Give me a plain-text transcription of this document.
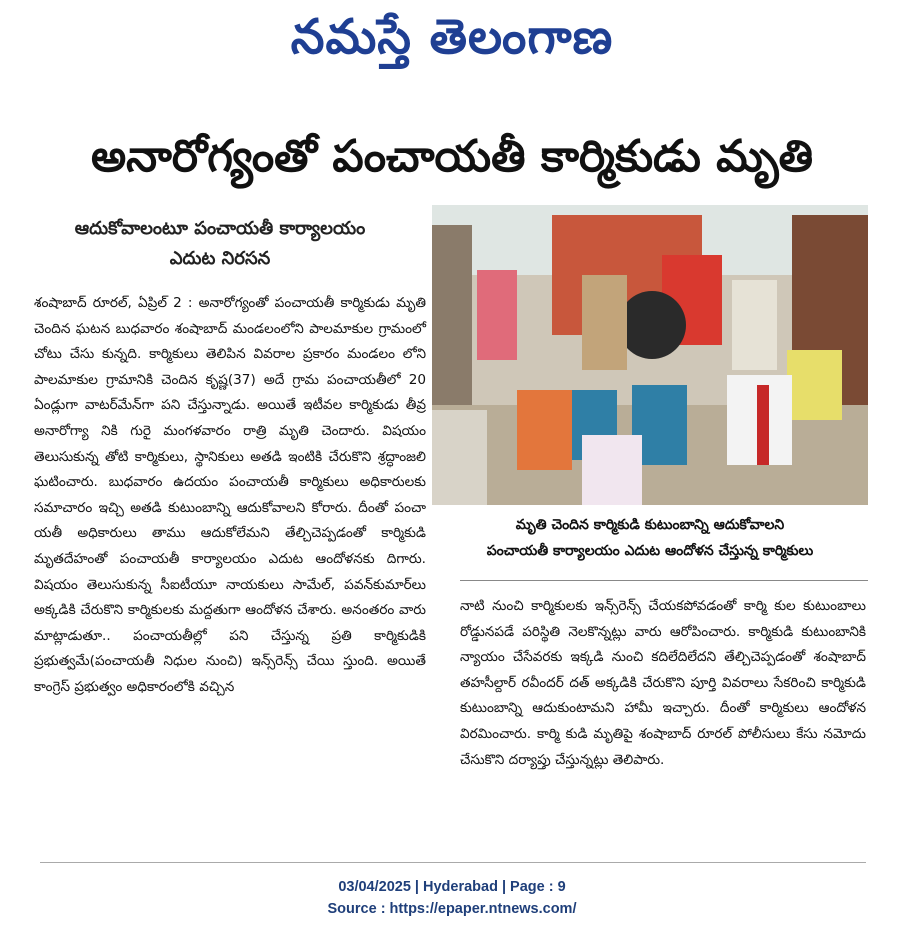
నమస్తే తెలంగాణ
అనారోగ్యంతో పంచాయతీ కార్మికుడు మృతి
ఆదుకోవాలంటూ పంచాయతీ కార్యాలయం
ఎదుట నిరసన

శంషాబాద్ రూరల్, ఏప్రిల్ 2 : అనారోగ్యంతో పంచాయతీ కార్మికుడు మృతి చెందిన ఘటన బుధవారం శంషాబాద్ మండలంలోని పాలమాకుల గ్రామంలో చోటు చేసు కున్నది. కార్మికులు తెలిపిన వివరాల ప్రకారం మండలం లోని పాలమాకుల గ్రామానికి చెందిన కృష్ణ(37) అదే గ్రామ పంచాయతీలో 20 ఏండ్లుగా వాటర్‌మేన్‌గా పని చేస్తున్నాడు. అయితే ఇటీవల కార్మికుడు తీవ్ర అనారోగ్యా నికి గురై మంగళవారం రాత్రి మృతి చెందారు. విషయం తెలుసుకున్న తోటి కార్మికులు, స్థానికులు అతడి ఇంటికి చేరుకొని శ్రద్ధాంజలి ఘటించారు. బుధవారం ఉదయం పంచాయతీ కార్మికులు అధికారులకు సమాచారం ఇచ్చి అతడి కుటుంబాన్ని ఆదుకోవాలని కోరారు. దీంతో పంచా యతీ అధికారులు తాము ఆదుకోలేమని తేల్చిచెప్పడంతో కార్మికుడి మృతదేహంతో పంచాయతీ కార్యాలయం ఎదుట ఆందోళనకు దిగారు. విషయం తెలుసుకున్న సీఐటీయూ నాయకులు సామేల్, పవన్‌కుమార్‌లు అక్కడికి చేరుకొని కార్మికులకు మద్దతుగా ఆందోళన చేశారు. అనంతరం వారు మాట్లాడుతూ.. పంచాయతీల్లో పని చేస్తున్న ప్రతి కార్మికుడికి ప్రభుత్వమే(పంచాయతీ నిధుల నుంచి) ఇన్స్‌రెన్స్ చేయి స్తుంది. అయితే కాంగ్రెస్ ప్రభుత్వం అధికారంలోకి వచ్చిన

మృతి చెందిన కార్మికుడి కుటుంబాన్ని ఆదుకోవాలని
పంచాయతీ కార్యాలయం ఎదుట ఆందోళన చేస్తున్న కార్మికులు

నాటి నుంచి కార్మికులకు ఇన్స్‌రెన్స్ చేయకపోవడంతో కార్మి కుల కుటుంబాలు రోడ్డునపడే పరిస్థితి నెలకొన్నట్లు వారు ఆరోపించారు. కార్మికుడి కుటుంబానికి న్యాయం చేసేవరకు ఇక్కడి నుంచి కదిలేదిలేదని తేల్చిచెప్పడంతో శంషాబాద్ తహసీల్దార్ రవీందర్ దత్ అక్కడికి చేరుకొని పూర్తి వివరాలు సేకరించి కార్మికుడి కుటుంబాన్ని ఆదుకుంటామని హామీ ఇచ్చారు. దీంతో కార్మికులు ఆందోళన విరమించారు. కార్మి కుడి మృతిపై శంషాబాద్ రూరల్ పోలీసులు కేసు నమోదు చేసుకొని దర్యాప్తు చేస్తున్నట్లు తెలిపారు.

03/04/2025 | Hyderabad | Page : 9
Source : https://epaper.ntnews.com/
